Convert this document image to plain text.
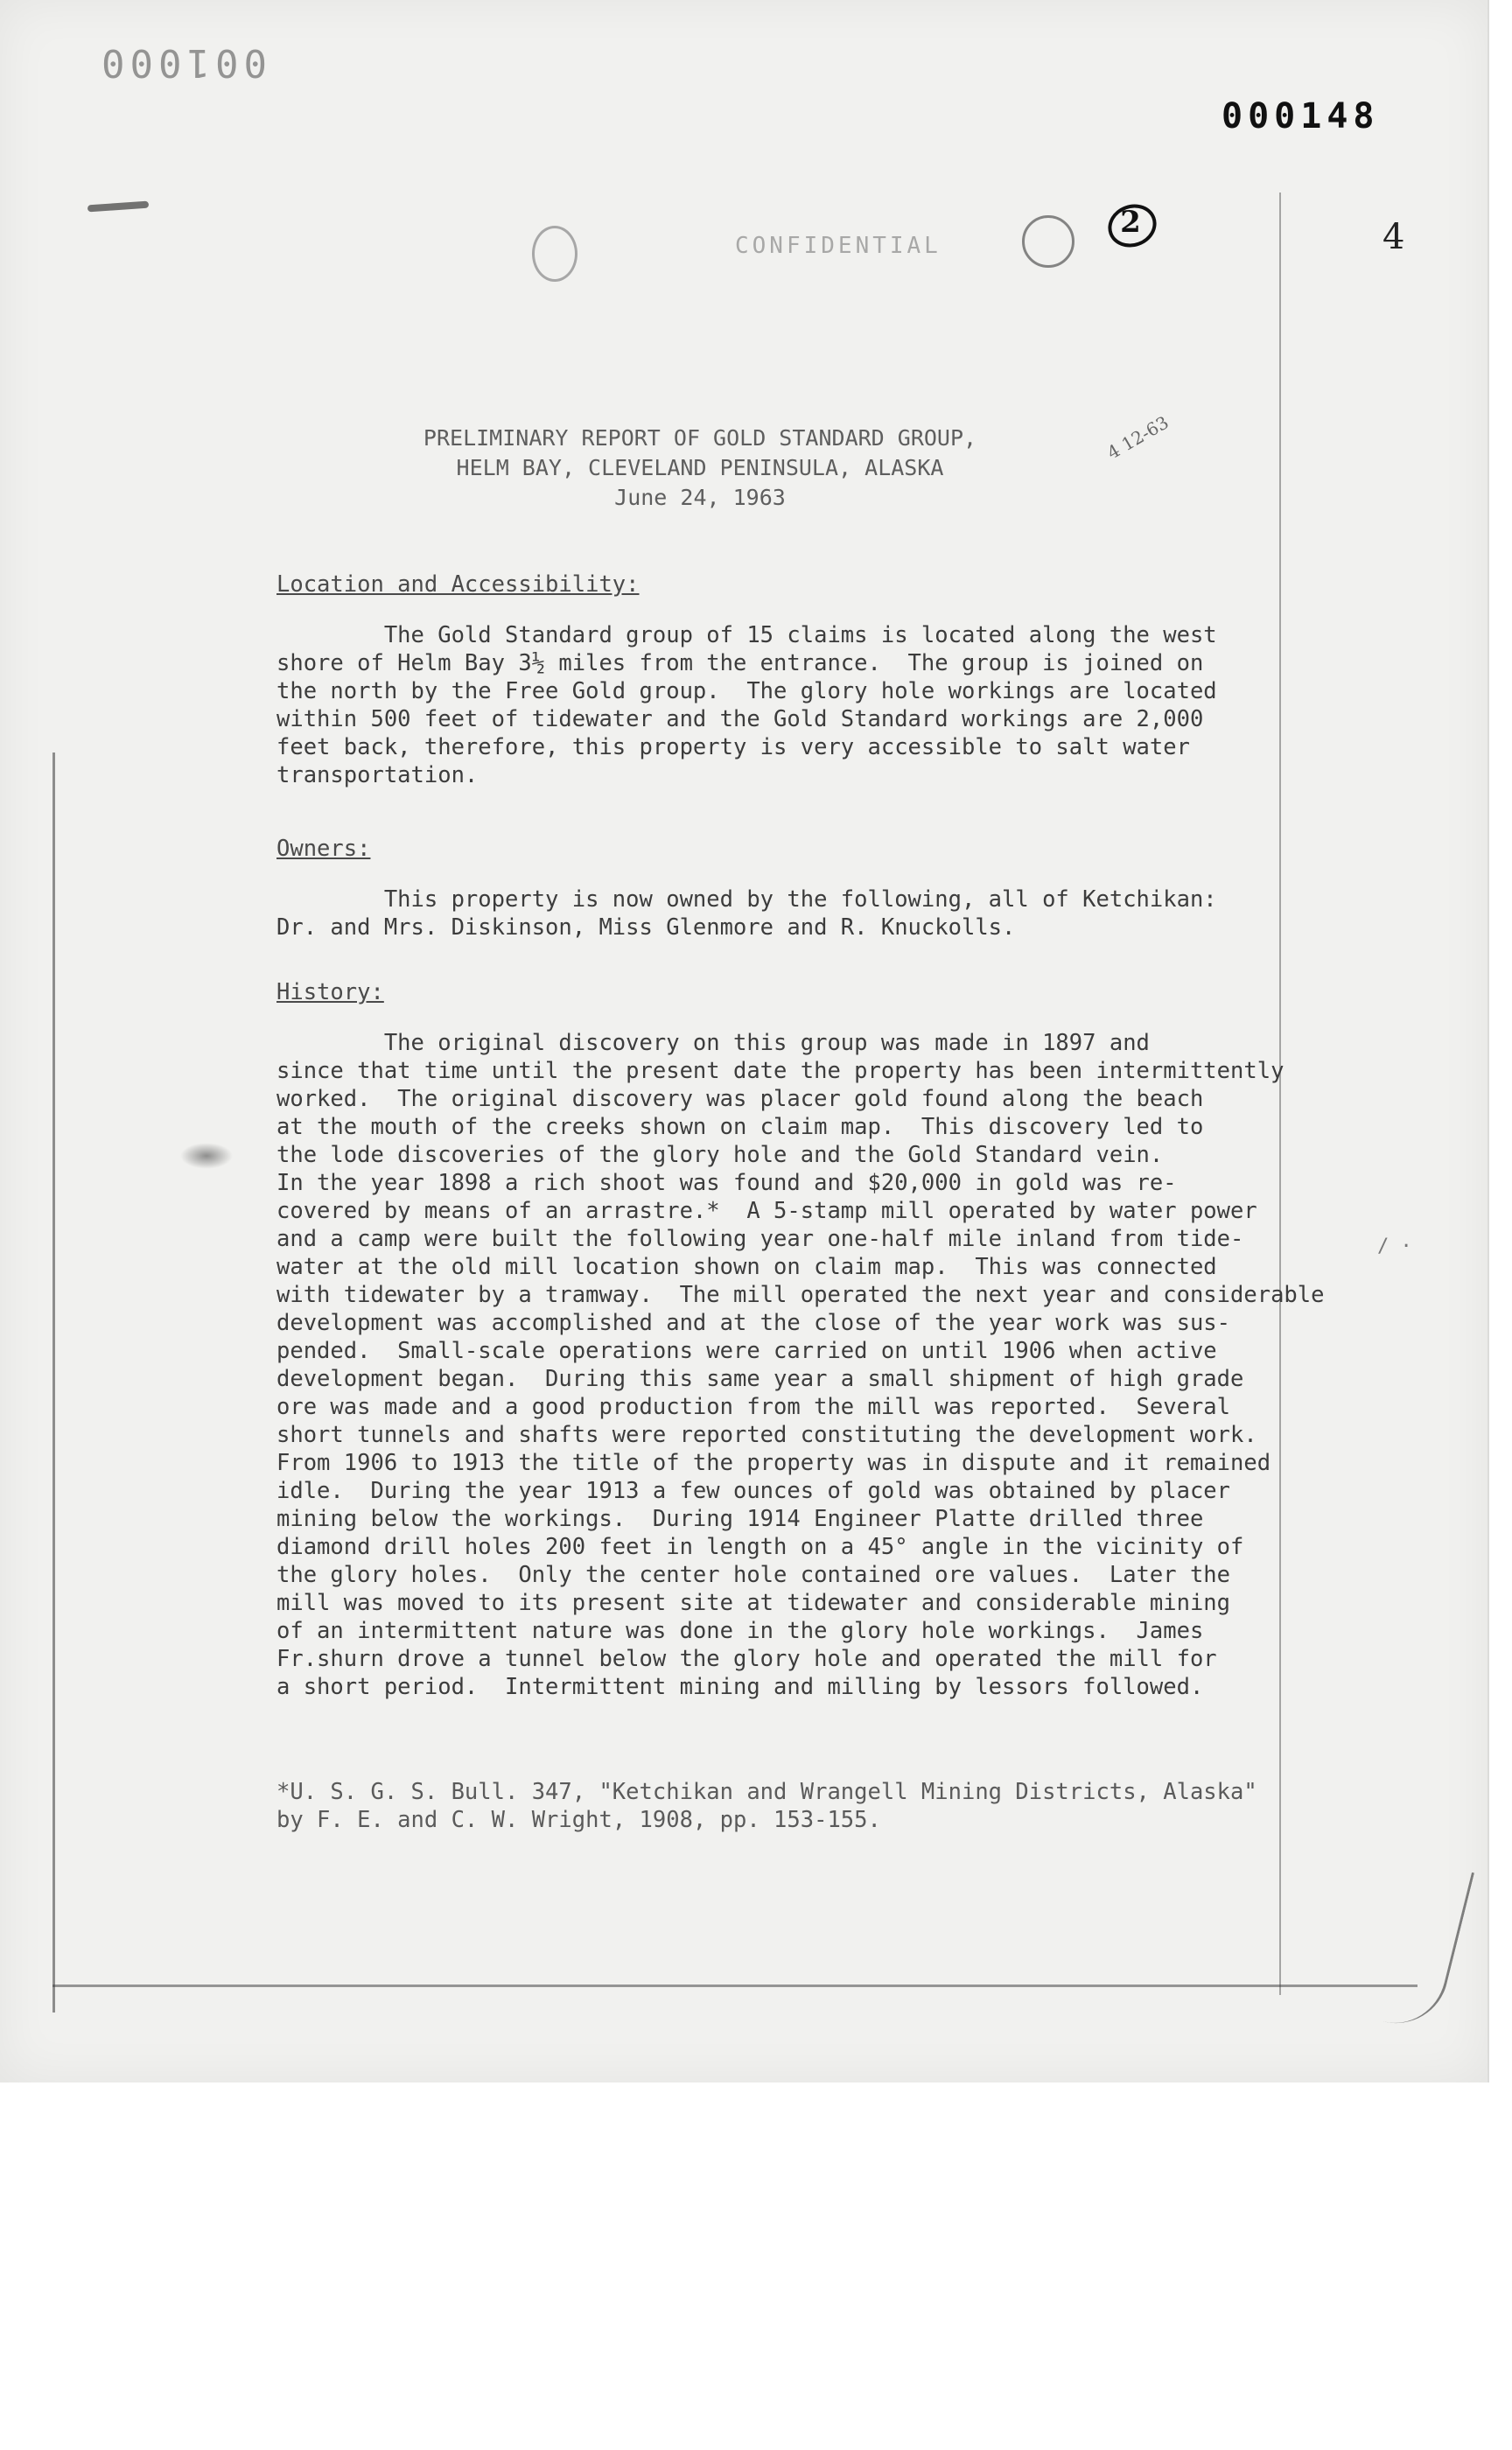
001000
000148
4
CONFIDENTIAL
2
4 12-63
PRELIMINARY REPORT OF GOLD STANDARD GROUP,
HELM BAY, CLEVELAND PENINSULA, ALASKA
June 24, 1963
Location and Accessibility:
The Gold Standard group of 15 claims is located along the west
shore of Helm Bay 3½ miles from the entrance.  The group is joined on
the north by the Free Gold group.  The glory hole workings are located
within 500 feet of tidewater and the Gold Standard workings are 2,000
feet back, therefore, this property is very accessible to salt water
transportation.
Owners:
This property is now owned by the following, all of Ketchikan:
Dr. and Mrs. Diskinson, Miss Glenmore and R. Knuckolls.
History:
The original discovery on this group was made in 1897 and
since that time until the present date the property has been intermittently
worked.  The original discovery was placer gold found along the beach
at the mouth of the creeks shown on claim map.  This discovery led to
the lode discoveries of the glory hole and the Gold Standard vein.
In the year 1898 a rich shoot was found and $20,000 in gold was re-
covered by means of an arrastre.*  A 5-stamp mill operated by water power
and a camp were built the following year one-half mile inland from tide-
water at the old mill location shown on claim map.  This was connected
with tidewater by a tramway.  The mill operated the next year and considerable
development was accomplished and at the close of the year work was sus-
pended.  Small-scale operations were carried on until 1906 when active
development began.  During this same year a small shipment of high grade
ore was made and a good production from the mill was reported.  Several
short tunnels and shafts were reported constituting the development work.
From 1906 to 1913 the title of the property was in dispute and it remained
idle.  During the year 1913 a few ounces of gold was obtained by placer
mining below the workings.  During 1914 Engineer Platte drilled three
diamond drill holes 200 feet in length on a 45° angle in the vicinity of
the glory holes.  Only the center hole contained ore values.  Later the
mill was moved to its present site at tidewater and considerable mining
of an intermittent nature was done in the glory hole workings.  James
Fr.shurn drove a tunnel below the glory hole and operated the mill for
a short period.  Intermittent mining and milling by lessors followed.
*U. S. G. S. Bull. 347, "Ketchikan and Wrangell Mining Districts, Alaska"
by F. E. and C. W. Wright, 1908, pp. 153-155.
/ ·
